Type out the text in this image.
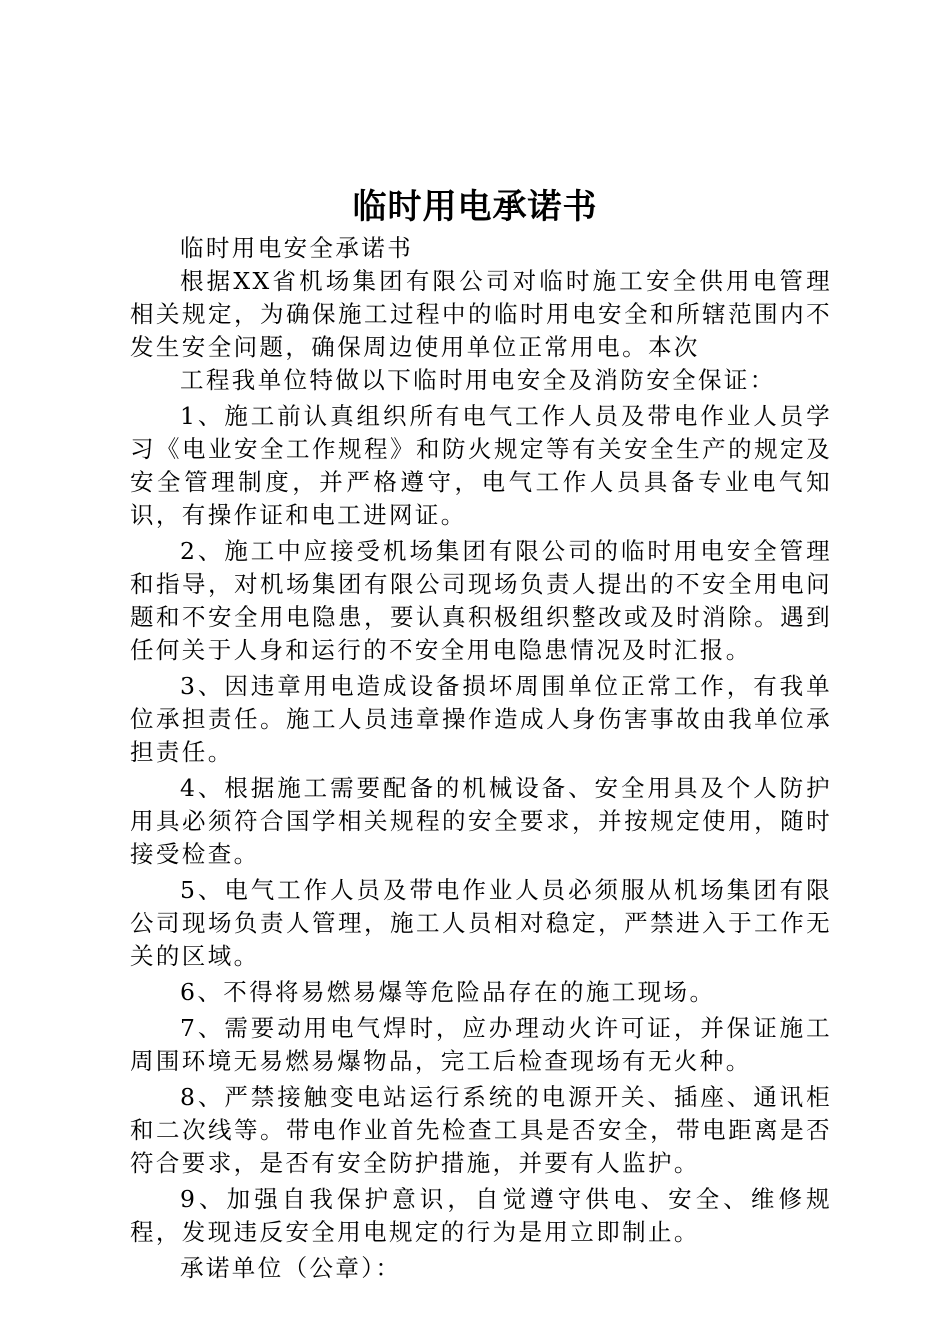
临时用电承诺书

临时用电安全承诺书

根据XX省机场集团有限公司对临时施工安全供用电管理相关规定，为确保施工过程中的临时用电安全和所辖范围内不发生安全问题，确保周边使用单位正常用电。本次

工程我单位特做以下临时用电安全及消防安全保证：

1、施工前认真组织所有电气工作人员及带电作业人员学习《电业安全工作规程》和防火规定等有关安全生产的规定及安全管理制度，并严格遵守，电气工作人员具备专业电气知识，有操作证和电工进网证。

2、施工中应接受机场集团有限公司的临时用电安全管理和指导，对机场集团有限公司现场负责人提出的不安全用电问题和不安全用电隐患，要认真积极组织整改或及时消除。遇到任何关于人身和运行的不安全用电隐患情况及时汇报。

3、因违章用电造成设备损坏周围单位正常工作，有我单位承担责任。施工人员违章操作造成人身伤害事故由我单位承担责任。

4、根据施工需要配备的机械设备、安全用具及个人防护用具必须符合国学相关规程的安全要求，并按规定使用，随时接受检查。

5、电气工作人员及带电作业人员必须服从机场集团有限公司现场负责人管理，施工人员相对稳定，严禁进入于工作无关的区域。

6、不得将易燃易爆等危险品存在的施工现场。

7、需要动用电气焊时，应办理动火许可证，并保证施工周围环境无易燃易爆物品，完工后检查现场有无火种。

8、严禁接触变电站运行系统的电源开关、插座、通讯柜和二次线等。带电作业首先检查工具是否安全，带电距离是否符合要求，是否有安全防护措施，并要有人监护。

9、加强自我保护意识，自觉遵守供电、安全、维修规程，发现违反安全用电规定的行为是用立即制止。

承诺单位（公章）：
